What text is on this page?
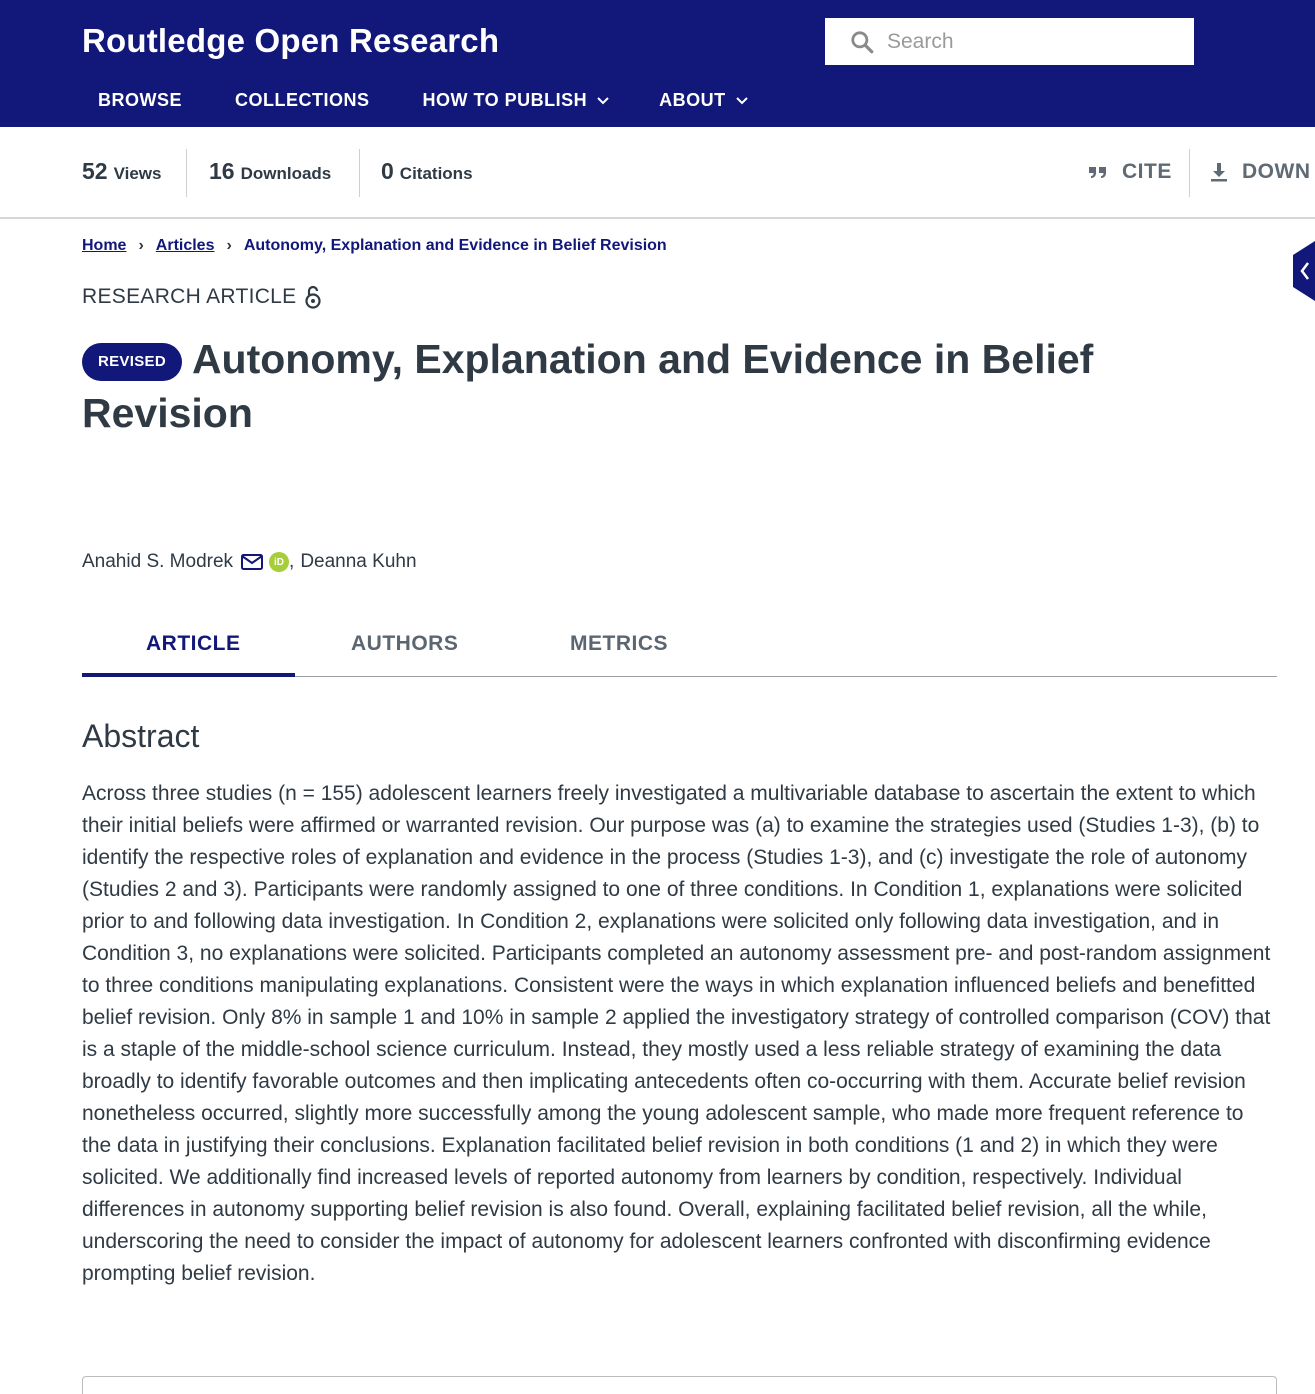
Routledge Open Research
Search
BROWSE	COLLECTIONS	HOW TO PUBLISH	ABOUT
52 Views 16 Downloads 0 Citations	CITE	DOWN
Home › Articles › Autonomy, Explanation and Evidence in Belief Revision
RESEARCH ARTICLE
REVISED Autonomy, Explanation and Evidence in Belief Revision
Anahid S. Modrek	iD , Deanna Kuhn
ARTICLE	AUTHORS	METRICS
Abstract
Across three studies (n = 155) adolescent learners freely investigated a multivariable database to ascertain the extent to which their initial beliefs were affirmed or warranted revision. Our purpose was (a) to examine the strategies used (Studies 1-3), (b) to identify the respective roles of explanation and evidence in the process (Studies 1-3), and (c) investigate the role of autonomy (Studies 2 and 3). Participants were randomly assigned to one of three conditions. In Condition 1, explanations were solicited prior to and following data investigation. In Condition 2, explanations were solicited only following data investigation, and in Condition 3, no explanations were solicited. Participants completed an autonomy assessment pre- and post-random assignment to three conditions manipulating explanations. Consistent were the ways in which explanation influenced beliefs and benefitted belief revision. Only 8% in sample 1 and 10% in sample 2 applied the investigatory strategy of controlled comparison (COV) that is a staple of the middle-school science curriculum. Instead, they mostly used a less reliable strategy of examining the data broadly to identify favorable outcomes and then implicating antecedents often co-occurring with them. Accurate belief revision nonetheless occurred, slightly more successfully among the young adolescent sample, who made more frequent reference to the data in justifying their conclusions. Explanation facilitated belief revision in both conditions (1 and 2) in which they were solicited. We additionally find increased levels of reported autonomy from learners by condition, respectively. Individual differences in autonomy supporting belief revision is also found. Overall, explaining facilitated belief revision, all the while, underscoring the need to consider the impact of autonomy for adolescent learners confronted with disconfirming evidence prompting belief revision.
